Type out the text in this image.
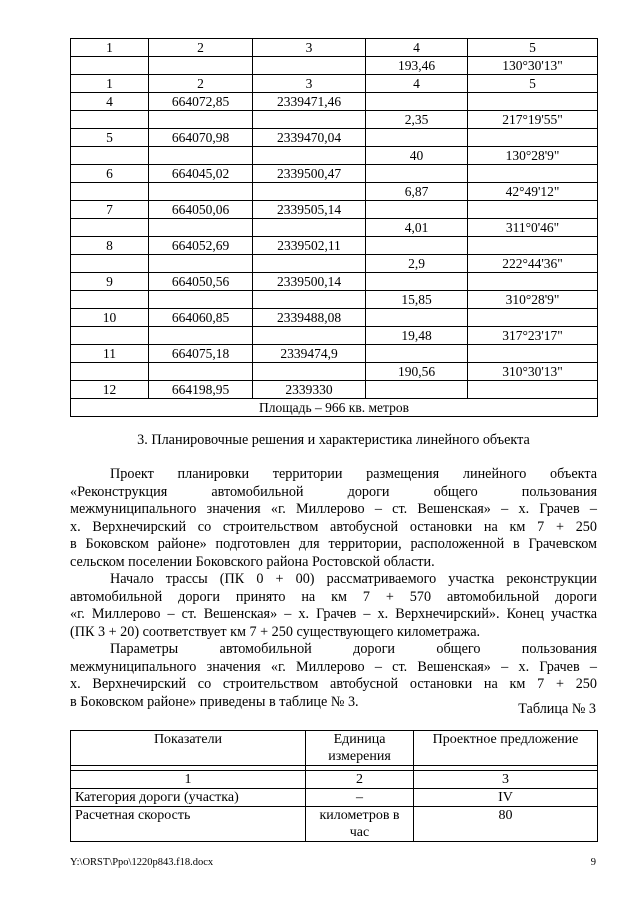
1	2	3	4	5
			193,46	130°30'13"
1	2	3	4	5
4	664072,85	2339471,46		
			2,35	217°19'55"
5	664070,98	2339470,04		
			40	130°28'9"
6	664045,02	2339500,47		
			6,87	42°49'12"
7	664050,06	2339505,14		
			4,01	311°0'46"
8	664052,69	2339502,11		
			2,9	222°44'36"
9	664050,56	2339500,14		
			15,85	310°28'9"
10	664060,85	2339488,08		
			19,48	317°23'17"
11	664075,18	2339474,9		
			190,56	310°30'13"
12	664198,95	2339330		
Площадь – 966 кв. метров				
3. Планировочные решения и характеристика линейного объекта
Проект планировки территории размещения линейного объекта
«Реконструкция автомобильной дороги общего пользования
межмуниципального значения «г. Миллерово – ст. Вешенская» – х. Грачев –
х. Верхнечирский со строительством автобусной остановки на км 7 + 250
в Боковском районе» подготовлен для территории, расположенной в Грачевском
сельском поселении Боковского района Ростовской области.
Начало трассы (ПК 0 + 00) рассматриваемого участка реконструкции
автомобильной дороги принято на км 7 + 570 автомобильной дороги
«г. Миллерово – ст. Вешенская» – х. Грачев – х. Верхнечирский». Конец участка
(ПК 3 + 20) соответствует км 7 + 250 существующего километража.
Параметры автомобильной дороги общего пользования
межмуниципального значения «г. Миллерово – ст. Вешенская» – х. Грачев –
х. Верхнечирский со строительством автобусной остановки на км 7 + 250
в Боковском районе» приведены в таблице № 3.	Таблица № 3
Показатели	Единица измерения	Проектное предложение

1	2	3
Категория дороги (участка)	–	IV
Расчетная скорость	километров в час	80
Y:\ORST\Ppo\1220p843.f18.docx	9
